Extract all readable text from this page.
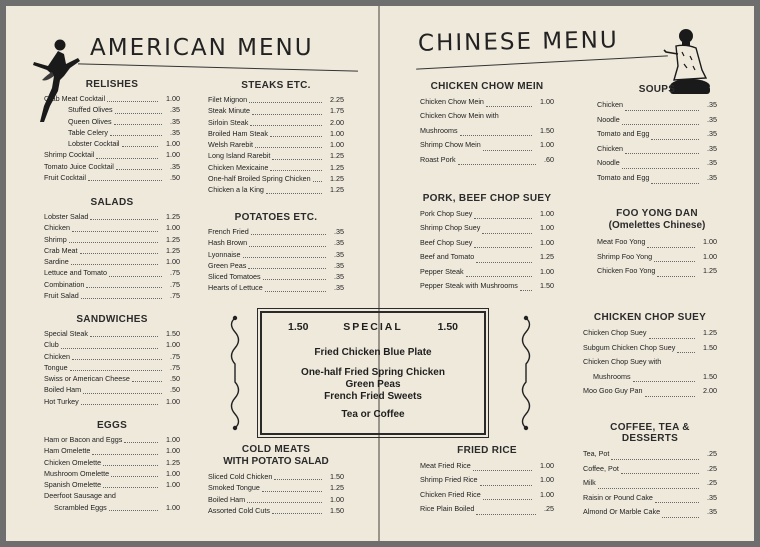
AMERICAN MENU	CHINESE MENU
1.50	SPECIAL	1.50
Fried Chicken Blue Plate
One-half Fried Spring Chicken
Green Peas
French Fried Sweets
Tea or Coffee
RELISHES
Crab Meat Cocktail	1.00
Stuffed Olives	.35
Queen Olives	.35
Table Celery	.35
Lobster Cocktail	1.00
Shrimp Cocktail	1.00
Tomato Juice Cocktail	.35
Fruit Cocktail	.50
SALADS
Lobster Salad	1.25
Chicken	1.00
Shrimp	1.25
Crab Meat	1.25
Sardine	1.00
Lettuce and Tomato	.75
Combination	.75
Fruit Salad	.75
SANDWICHES
Special Steak	1.50
Club	1.00
Chicken	.75
Tongue	.75
Swiss or American Cheese	.50
Boiled Ham	.50
Hot Turkey	1.00
EGGS
Ham or Bacon and Eggs	1.00
Ham Omelette	1.00
Chicken Omelette	1.25
Mushroom Omelette	1.00
Spanish Omelette	1.00
Deerfoot Sausage and
Scrambled Eggs	1.00
STEAKS ETC.
Filet Mignon	2.25
Steak Minute	1.75
Sirloin Steak	2.00
Broiled Ham Steak	1.00
Welsh Rarebit	1.00
Long Island Rarebit	1.25
Chicken Mexicaine	1.25
One-half Broiled Spring Chicken	1.25
Chicken a la King	1.25
POTATOES ETC.
French Fried	.35
Hash Brown	.35
Lyonnaise	.35
Green Peas	.35
Sliced Tomatoes	.35
Hearts of Lettuce	.35
COLD MEATS
WITH POTATO SALAD
Sliced Cold Chicken	1.50
Smoked Tongue	1.25
Boiled Ham	1.00
Assorted Cold Cuts	1.50
CHICKEN CHOW MEIN
Chicken Chow Mein	1.00
Chicken Chow Mein with
Mushrooms	1.50
Shrimp Chow Mein	1.00
Roast Pork	.60
PORK, BEEF CHOP SUEY
Pork Chop Suey	1.00
Shrimp Chop Suey	1.00
Beef Chop Suey	1.00
Beef and Tomato	1.25
Pepper Steak	1.00
Pepper Steak with Mushrooms	1.50
FRIED RICE
Meat Fried Rice	1.00
Shrimp Fried Rice	1.00
Chicken Fried Rice	1.00
Rice Plain Boiled	.25
SOUPS
Chicken	.35
Noodle	.35
Tomato and Egg	.35
Chicken	.35
Noodle	.35
Tomato and Egg	.35
FOO YONG DAN
(Omelettes Chinese)
Meat Foo Yong	1.00
Shrimp Foo Yong	1.00
Chicken Foo Yong	1.25
CHICKEN CHOP SUEY
Chicken Chop Suey	1.25
Subgum Chicken Chop Suey	1.50
Chicken Chop Suey with
Mushrooms	1.50
Moo Goo Guy Pan	2.00
COFFEE, TEA & DESSERTS
Tea, Pot	.25
Coffee, Pot	.25
Milk	.25
Raisin or Pound Cake	.35
Almond Or Marble Cake	.35
